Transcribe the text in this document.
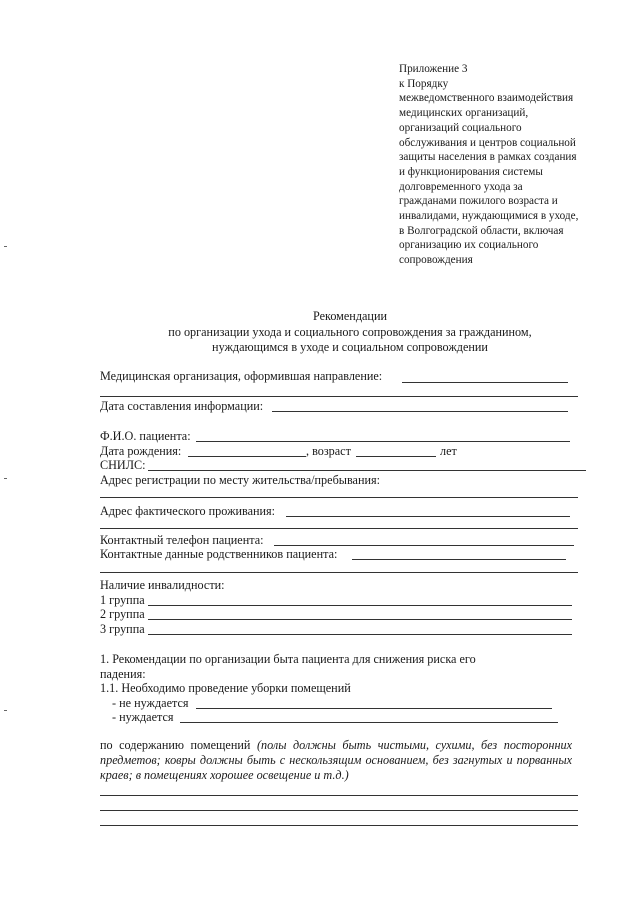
Приложение 3
к Порядку
межведомственного взаимодействия
медицинских организаций,
организаций социального
обслуживания и центров социальной
защиты населения в рамках создания
и функционирования системы
долговременного ухода за
гражданами пожилого возраста и
инвалидами, нуждающимися в уходе,
в Волгоградской области, включая
организацию их социального
сопровождения
Рекомендации
по организации ухода и социального сопровождения за гражданином,
нуждающимся в уходе и социальном сопровождении
Медицинская организация, оформившая направление:
Дата составления информации:
Ф.И.О. пациента:
Дата рождения:	, возраст	лет
СНИЛС:
Адрес регистрации по месту жительства/пребывания:
Адрес фактического проживания:
Контактный телефон пациента:
Контактные данные родственников пациента:
Наличие инвалидности:
1 группа
2 группа
3 группа
1. Рекомендации по организации быта пациента для снижения риска его
падения:
1.1. Необходимо проведение уборки помещений
- не нуждается
- нуждается
по содержанию помещений (полы должны быть чистыми, сухими, без посторонних предметов; ковры должны быть с нескользящим основанием, без загнутых и порванных краев; в помещениях хорошее освещение и т.д.)
